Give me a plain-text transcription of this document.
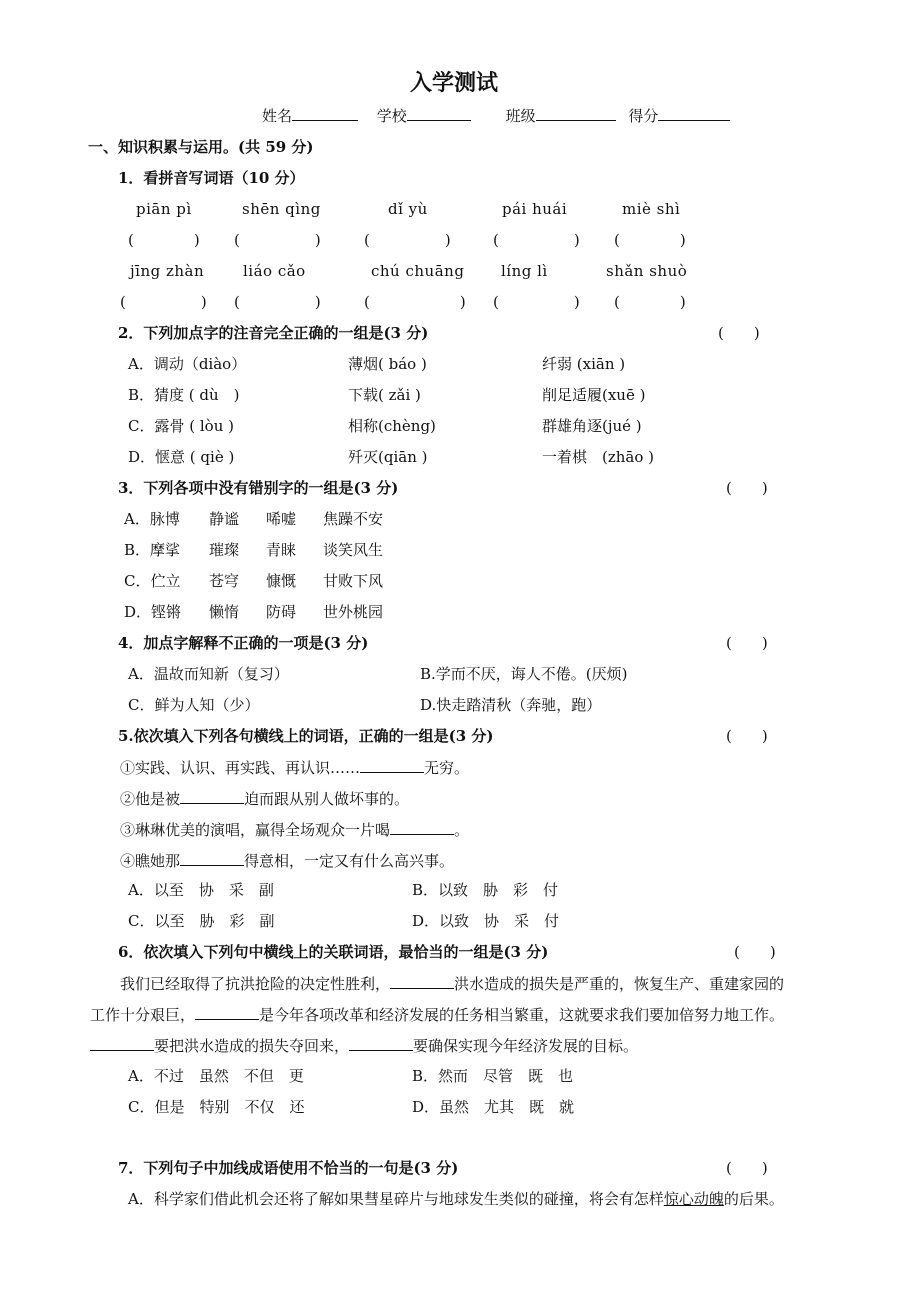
入学测试
姓名	学校	班级	得分
一、知识积累与运用。(共 59 分)
1．看拼音写词语（10 分）
piān pì	shēn qìng	dǐ yù	pái huái	miè shì
(　　　　) (　　　　　)	(　　　　　)	(　　　　　) (　　　　)
jīng zhàn	liáo cǎo	chú chuāng líng lì	shǎn shuò
(　　　　　) (　　　　　)	(　　　　　　) (　　　　　) (　　　　)
2．下列加点字的注音完全正确的一组是(3 分)	(　　)
A．调动（diào）	薄烟( báo )	纤弱 (xiān )
B．猜度 ( dù　)	下载( zǎi )	削足适履(xuē )
C．露骨 ( lòu )	相称(chèng)	群雄角逐(jué )
D．惬意 ( qiè )	歼灭(qiān )	一着棋　(zhāo )
3．下列各项中没有错别字的一组是(3 分)	(　　)
A．脉博 静谧 唏嘘 焦躁不安
B．摩挲 璀璨 青睐 谈笑风生
C．伫立 苍穹 慷慨 甘败下风
D．铿锵 懒惰 防碍 世外桃园
4．加点字解释不正确的一项是(3 分)	(　　)
A．温故而知新（复习）	B.学而不厌，诲人不倦。(厌烦)
C．鲜为人知（少）	D.快走踏清秋（奔驰，跑）
5.依次填入下列各句横线上的词语，正确的一组是(3 分)	(　　)
①实践、认识、再实践、再认识……	无穷。
②他是被	迫而跟从别人做坏事的。
③琳琳优美的演唱，赢得全场观众一片喝	。
④瞧她那	得意相，一定又有什么高兴事。
A．以至　协　采　副	B．以致　胁　彩　付
C．以至　胁　彩　副	D．以致　协　采　付
6．依次填入下列句中横线上的关联词语，最恰当的一组是(3 分)	(　　)
我们已经取得了抗洪抢险的决定性胜利，	洪水造成的损失是严重的，恢复生产、重建家园的
工作十分艰巨，	是今年各项改革和经济发展的任务相当繁重，这就要求我们要加倍努力地工作。
要把洪水造成的损失夺回来，	要确保实现今年经济发展的目标。
A．不过　虽然　不但　更	B．然而　尽管　既　也
C．但是　特别　不仅　还	D．虽然　尤其　既　就
7．下列句子中加线成语使用不恰当的一句是(3 分)	(　　)
A．科学家们借此机会还将了解如果彗星碎片与地球发生类似的碰撞，将会有怎样惊心动魄的后果。
